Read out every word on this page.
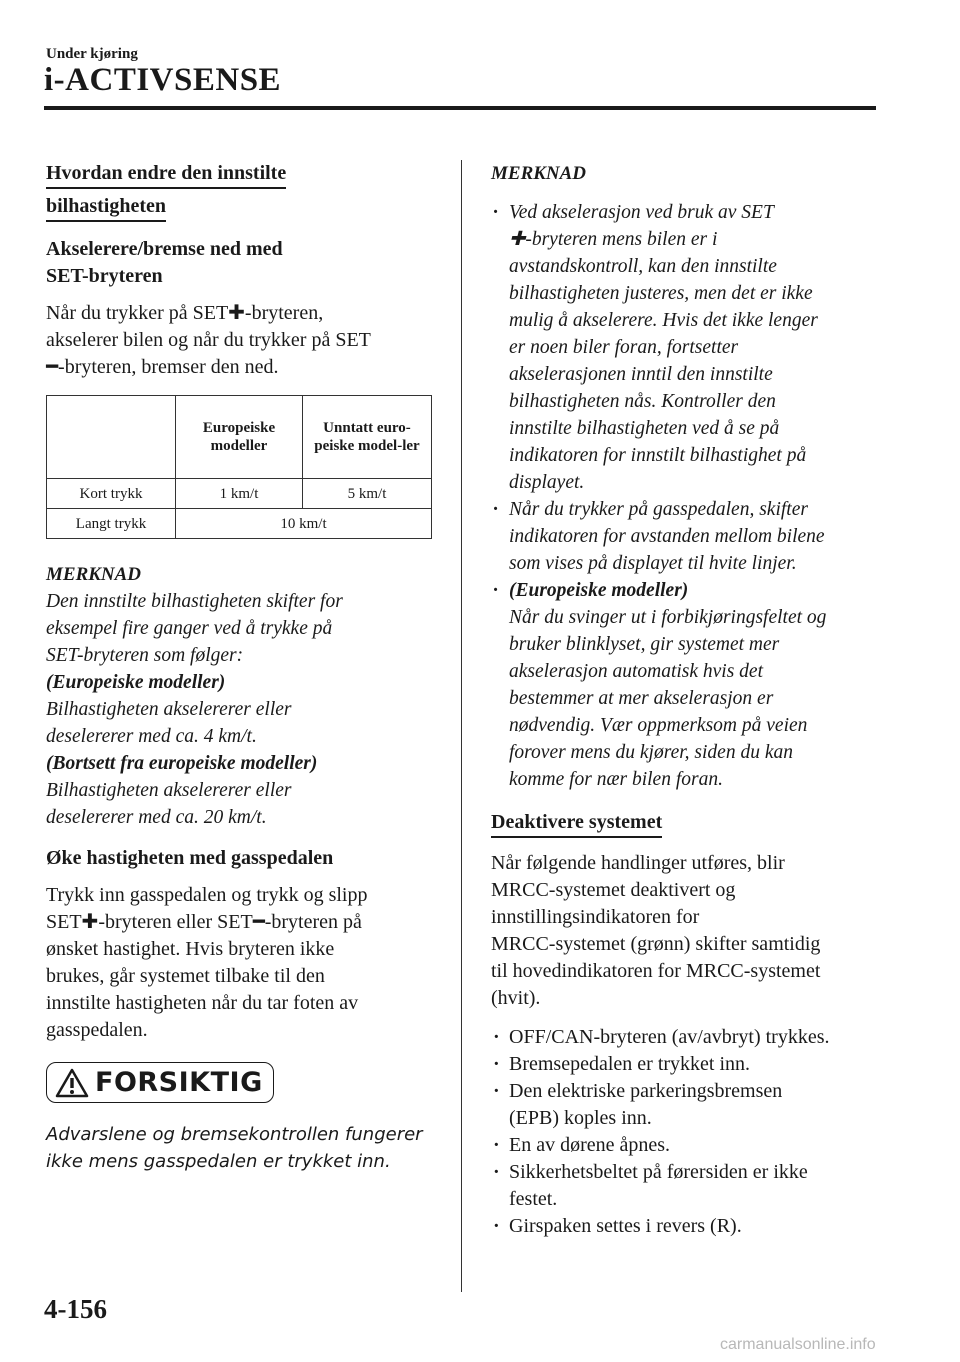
Under kjøring
i-ACTIVSENSE
Hvordan endre den innstilte
bilhastigheten
Akselerere/bremse ned med
SET-bryteren
Når du trykker på SET✚-bryteren,
akselerer bilen og når du trykker på SET
━-bryteren, bremser den ned.
	Europeiske modeller	Unntatt euro-peiske model-ler
Kort trykk	1 km/t	5 km/t
Langt trykk	10 km/t	
MERKNAD
Den innstilte bilhastigheten skifter for
eksempel fire ganger ved å trykke på
SET-bryteren som følger:
(Europeiske modeller)
Bilhastigheten akselererer eller
deselererer med ca. 4 km/t.
(Bortsett fra europeiske modeller)
Bilhastigheten akselererer eller
deselererer med ca. 20 km/t.
Øke hastigheten med gasspedalen
Trykk inn gasspedalen og trykk og slipp
SET✚-bryteren eller SET━-bryteren på
ønsket hastighet. Hvis bryteren ikke
brukes, går systemet tilbake til den
innstilte hastigheten når du tar foten av
gasspedalen.
FORSIKTIG
Advarslene og bremsekontrollen fungerer
ikke mens gasspedalen er trykket inn.
MERKNAD
· Ved akselerasjon ved bruk av SET
✚-bryteren mens bilen er i
avstandskontroll, kan den innstilte
bilhastigheten justeres, men det er ikke
mulig å akselerere. Hvis det ikke lenger
er noen biler foran, fortsetter
akselerasjonen inntil den innstilte
bilhastigheten nås. Kontroller den
innstilte bilhastigheten ved å se på
indikatoren for innstilt bilhastighet på
displayet.
· Når du trykker på gasspedalen, skifter
indikatoren for avstanden mellom bilene
som vises på displayet til hvite linjer.
· (Europeiske modeller)
Når du svinger ut i forbikjøringsfeltet og
bruker blinklyset, gir systemet mer
akselerasjon automatisk hvis det
bestemmer at mer akselerasjon er
nødvendig. Vær oppmerksom på veien
forover mens du kjører, siden du kan
komme for nær bilen foran.
Deaktivere systemet
Når følgende handlinger utføres, blir
MRCC-systemet deaktivert og
innstillingsindikatoren for
MRCC-systemet (grønn) skifter samtidig
til hovedindikatoren for MRCC-systemet
(hvit).
· OFF/CAN-bryteren (av/avbryt) trykkes.
· Bremsepedalen er trykket inn.
· Den elektriske parkeringsbremsen
(EPB) koples inn.
· En av dørene åpnes.
· Sikkerhetsbeltet på førersiden er ikke
festet.
· Girspaken settes i revers (R).
4-156
carmanualsonline.info
